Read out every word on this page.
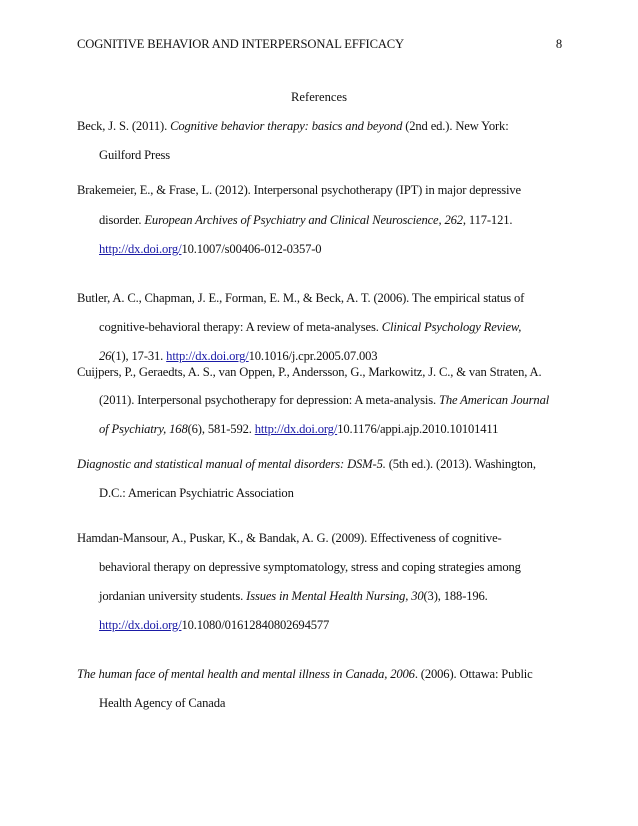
COGNITIVE BEHAVIOR AND INTERPERSONAL EFFICACY	8
References
Beck, J. S. (2011). Cognitive behavior therapy: basics and beyond (2nd ed.). New York:
Guilford Press
Brakemeier, E., & Frase, L. (2012). Interpersonal psychotherapy (IPT) in major depressive
disorder. European Archives of Psychiatry and Clinical Neuroscience, 262, 117-121.
http://dx.doi.org/10.1007/s00406-012-0357-0
Butler, A. C., Chapman, J. E., Forman, E. M., & Beck, A. T. (2006). The empirical status of
cognitive-behavioral therapy: A review of meta-analyses. Clinical Psychology Review,
26(1), 17-31. http://dx.doi.org/10.1016/j.cpr.2005.07.003
Cuijpers, P., Geraedts, A. S., van Oppen, P., Andersson, G., Markowitz, J. C., & van Straten, A.
(2011). Interpersonal psychotherapy for depression: A meta-analysis. The American Journal
of Psychiatry, 168(6), 581-592. http://dx.doi.org/10.1176/appi.ajp.2010.10101411
Diagnostic and statistical manual of mental disorders: DSM-5. (5th ed.). (2013). Washington,
D.C.: American Psychiatric Association
Hamdan-Mansour, A., Puskar, K., & Bandak, A. G. (2009). Effectiveness of cognitive-
behavioral therapy on depressive symptomatology, stress and coping strategies among
jordanian university students. Issues in Mental Health Nursing, 30(3), 188-196.
http://dx.doi.org/10.1080/01612840802694577
The human face of mental health and mental illness in Canada, 2006. (2006). Ottawa: Public
Health Agency of Canada
